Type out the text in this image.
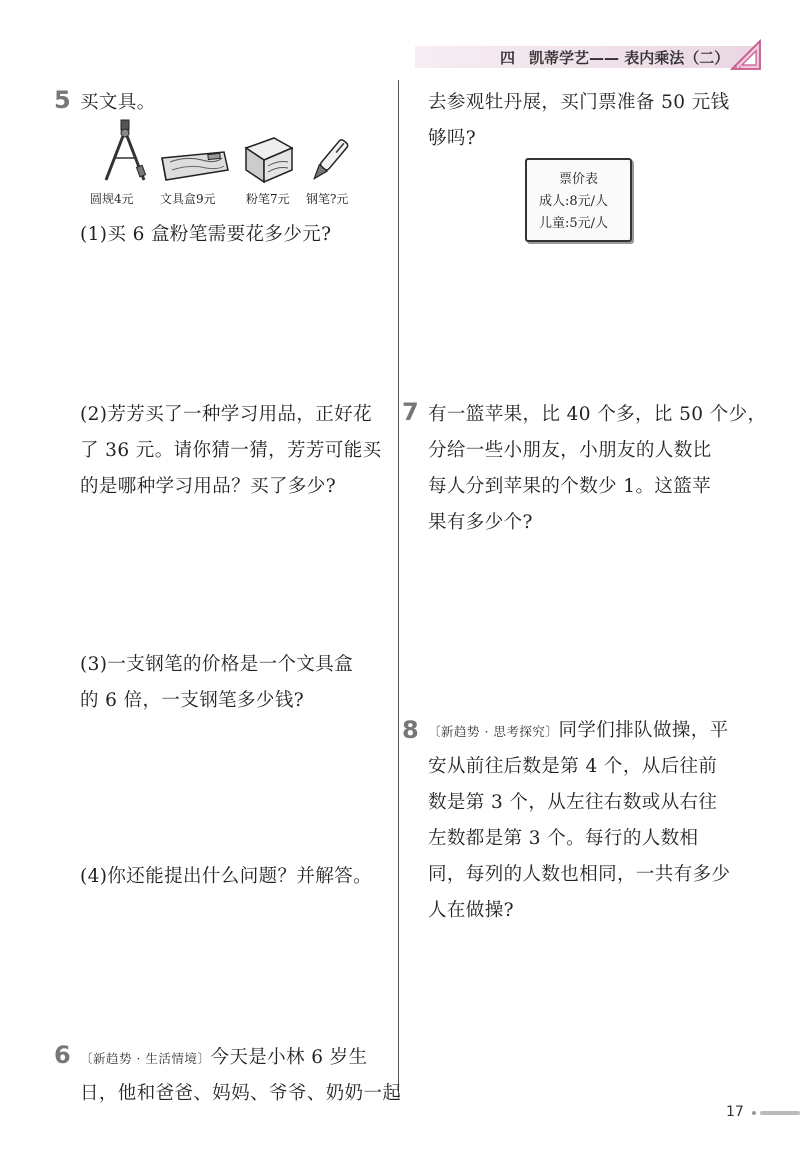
四 凯蒂学艺—— 表内乘法（二）
5 买文具。
圆规4元 文具盒9元	粉笔7元 钢笔?元
(1)买 6 盒粉笔需要花多少元?
(2)芳芳买了一种学习用品，正好花
了 36 元。请你猜一猜，芳芳可能买
的是哪种学习用品？买了多少?
(3)一支钢笔的价格是一个文具盒
的 6 倍，一支钢笔多少钱?
(4)你还能提出什么问题？并解答。
6	〔 新趋势 · 生活情境 〕 今天是小林 6 岁生
日，他和爸爸、妈妈、爷爷、奶奶一起
去参观牡丹展，买门票准备 50 元钱
够吗?
票价表
成人:8元/人
儿童:5元/人
7 有一篮苹果，比 40 个多，比 50 个少，
分给一些小朋友，小朋友的人数比
每人分到苹果的个数少 1。这篮苹
果有多少个?
8	〔 新趋势 · 思考探究 〕 同学们排队做操，平
安从前往后数是第 4 个，从后往前
数是第 3 个，从左往右数或从右往
左数都是第 3 个。每行的人数相
同，每列的人数也相同，一共有多少
人在做操?
17
